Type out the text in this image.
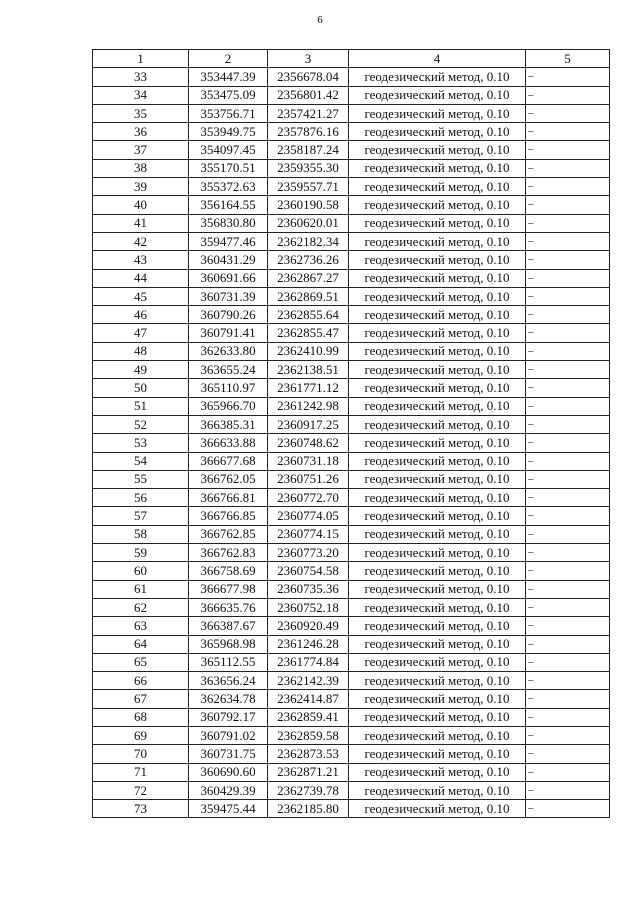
6
1	2	3	4	5
33	353447.39	2356678.04	геодезический метод, 0.10	–
34	353475.09	2356801.42	геодезический метод, 0.10	–
35	353756.71	2357421.27	геодезический метод, 0.10	–
36	353949.75	2357876.16	геодезический метод, 0.10	–
37	354097.45	2358187.24	геодезический метод, 0.10	–
38	355170.51	2359355.30	геодезический метод, 0.10	–
39	355372.63	2359557.71	геодезический метод, 0.10	–
40	356164.55	2360190.58	геодезический метод, 0.10	–
41	356830.80	2360620.01	геодезический метод, 0.10	–
42	359477.46	2362182.34	геодезический метод, 0.10	–
43	360431.29	2362736.26	геодезический метод, 0.10	–
44	360691.66	2362867.27	геодезический метод, 0.10	–
45	360731.39	2362869.51	геодезический метод, 0.10	–
46	360790.26	2362855.64	геодезический метод, 0.10	–
47	360791.41	2362855.47	геодезический метод, 0.10	–
48	362633.80	2362410.99	геодезический метод, 0.10	–
49	363655.24	2362138.51	геодезический метод, 0.10	–
50	365110.97	2361771.12	геодезический метод, 0.10	–
51	365966.70	2361242.98	геодезический метод, 0.10	–
52	366385.31	2360917.25	геодезический метод, 0.10	–
53	366633.88	2360748.62	геодезический метод, 0.10	–
54	366677.68	2360731.18	геодезический метод, 0.10	–
55	366762.05	2360751.26	геодезический метод, 0.10	–
56	366766.81	2360772.70	геодезический метод, 0.10	–
57	366766.85	2360774.05	геодезический метод, 0.10	–
58	366762.85	2360774.15	геодезический метод, 0.10	–
59	366762.83	2360773.20	геодезический метод, 0.10	–
60	366758.69	2360754.58	геодезический метод, 0.10	–
61	366677.98	2360735.36	геодезический метод, 0.10	–
62	366635.76	2360752.18	геодезический метод, 0.10	–
63	366387.67	2360920.49	геодезический метод, 0.10	–
64	365968.98	2361246.28	геодезический метод, 0.10	–
65	365112.55	2361774.84	геодезический метод, 0.10	–
66	363656.24	2362142.39	геодезический метод, 0.10	–
67	362634.78	2362414.87	геодезический метод, 0.10	–
68	360792.17	2362859.41	геодезический метод, 0.10	–
69	360791.02	2362859.58	геодезический метод, 0.10	–
70	360731.75	2362873.53	геодезический метод, 0.10	–
71	360690.60	2362871.21	геодезический метод, 0.10	–
72	360429.39	2362739.78	геодезический метод, 0.10	–
73	359475.44	2362185.80	геодезический метод, 0.10	–
